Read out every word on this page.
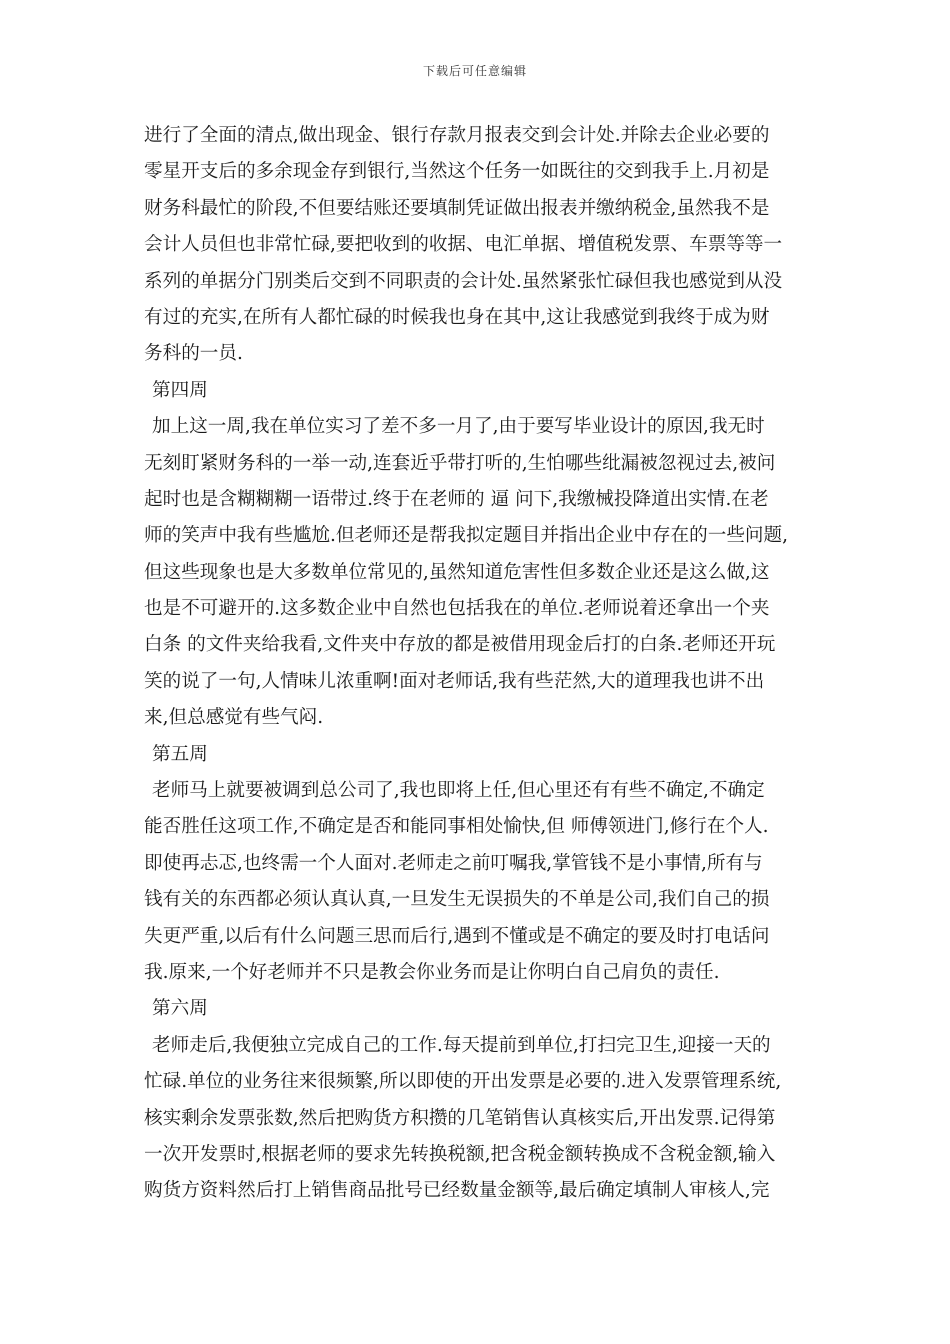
下载后可任意编辑
进行了全面的清点,做出现金、银行存款月报表交到会计处.并除去企业必要的
零星开支后的多余现金存到银行,当然这个任务一如既往的交到我手上.月初是
财务科最忙的阶段,不但要结账还要填制凭证做出报表并缴纳税金,虽然我不是
会计人员但也非常忙碌,要把收到的收据、电汇单据、增值税发票、车票等等一
系列的单据分门别类后交到不同职责的会计处.虽然紧张忙碌但我也感觉到从没
有过的充实,在所有人都忙碌的时候我也身在其中,这让我感觉到我终于成为财
务科的一员.
第四周
加上这一周,我在单位实习了差不多一月了,由于要写毕业设计的原因,我无时
无刻盯紧财务科的一举一动,连套近乎带打听的,生怕哪些纰漏被忽视过去,被问
起时也是含糊糊糊一语带过.终于在老师的 逼 问下,我缴械投降道出实情.在老
师的笑声中我有些尴尬.但老师还是帮我拟定题目并指出企业中存在的一些问题,
但这些现象也是大多数单位常见的,虽然知道危害性但多数企业还是这么做,这
也是不可避开的.这多数企业中自然也包括我在的单位.老师说着还拿出一个夹
白条 的文件夹给我看,文件夹中存放的都是被借用现金后打的白条.老师还开玩
笑的说了一句,人情味儿浓重啊!面对老师话,我有些茫然,大的道理我也讲不出
来,但总感觉有些气闷.
第五周
老师马上就要被调到总公司了,我也即将上任,但心里还有有些不确定,不确定
能否胜任这项工作,不确定是否和能同事相处愉快,但 师傅领进门,修行在个人.
即使再忐忑,也终需一个人面对.老师走之前叮嘱我,掌管钱不是小事情,所有与
钱有关的东西都必须认真认真,一旦发生无误损失的不单是公司,我们自己的损
失更严重,以后有什么问题三思而后行,遇到不懂或是不确定的要及时打电话问
我.原来,一个好老师并不只是教会你业务而是让你明白自己肩负的责任.
第六周
老师走后,我便独立完成自己的工作.每天提前到单位,打扫完卫生,迎接一天的
忙碌.单位的业务往来很频繁,所以即使的开出发票是必要的.进入发票管理系统,
核实剩余发票张数,然后把购货方积攒的几笔销售认真核实后,开出发票.记得第
一次开发票时,根据老师的要求先转换税额,把含税金额转换成不含税金额,输入
购货方资料然后打上销售商品批号已经数量金额等,最后确定填制人审核人,完
